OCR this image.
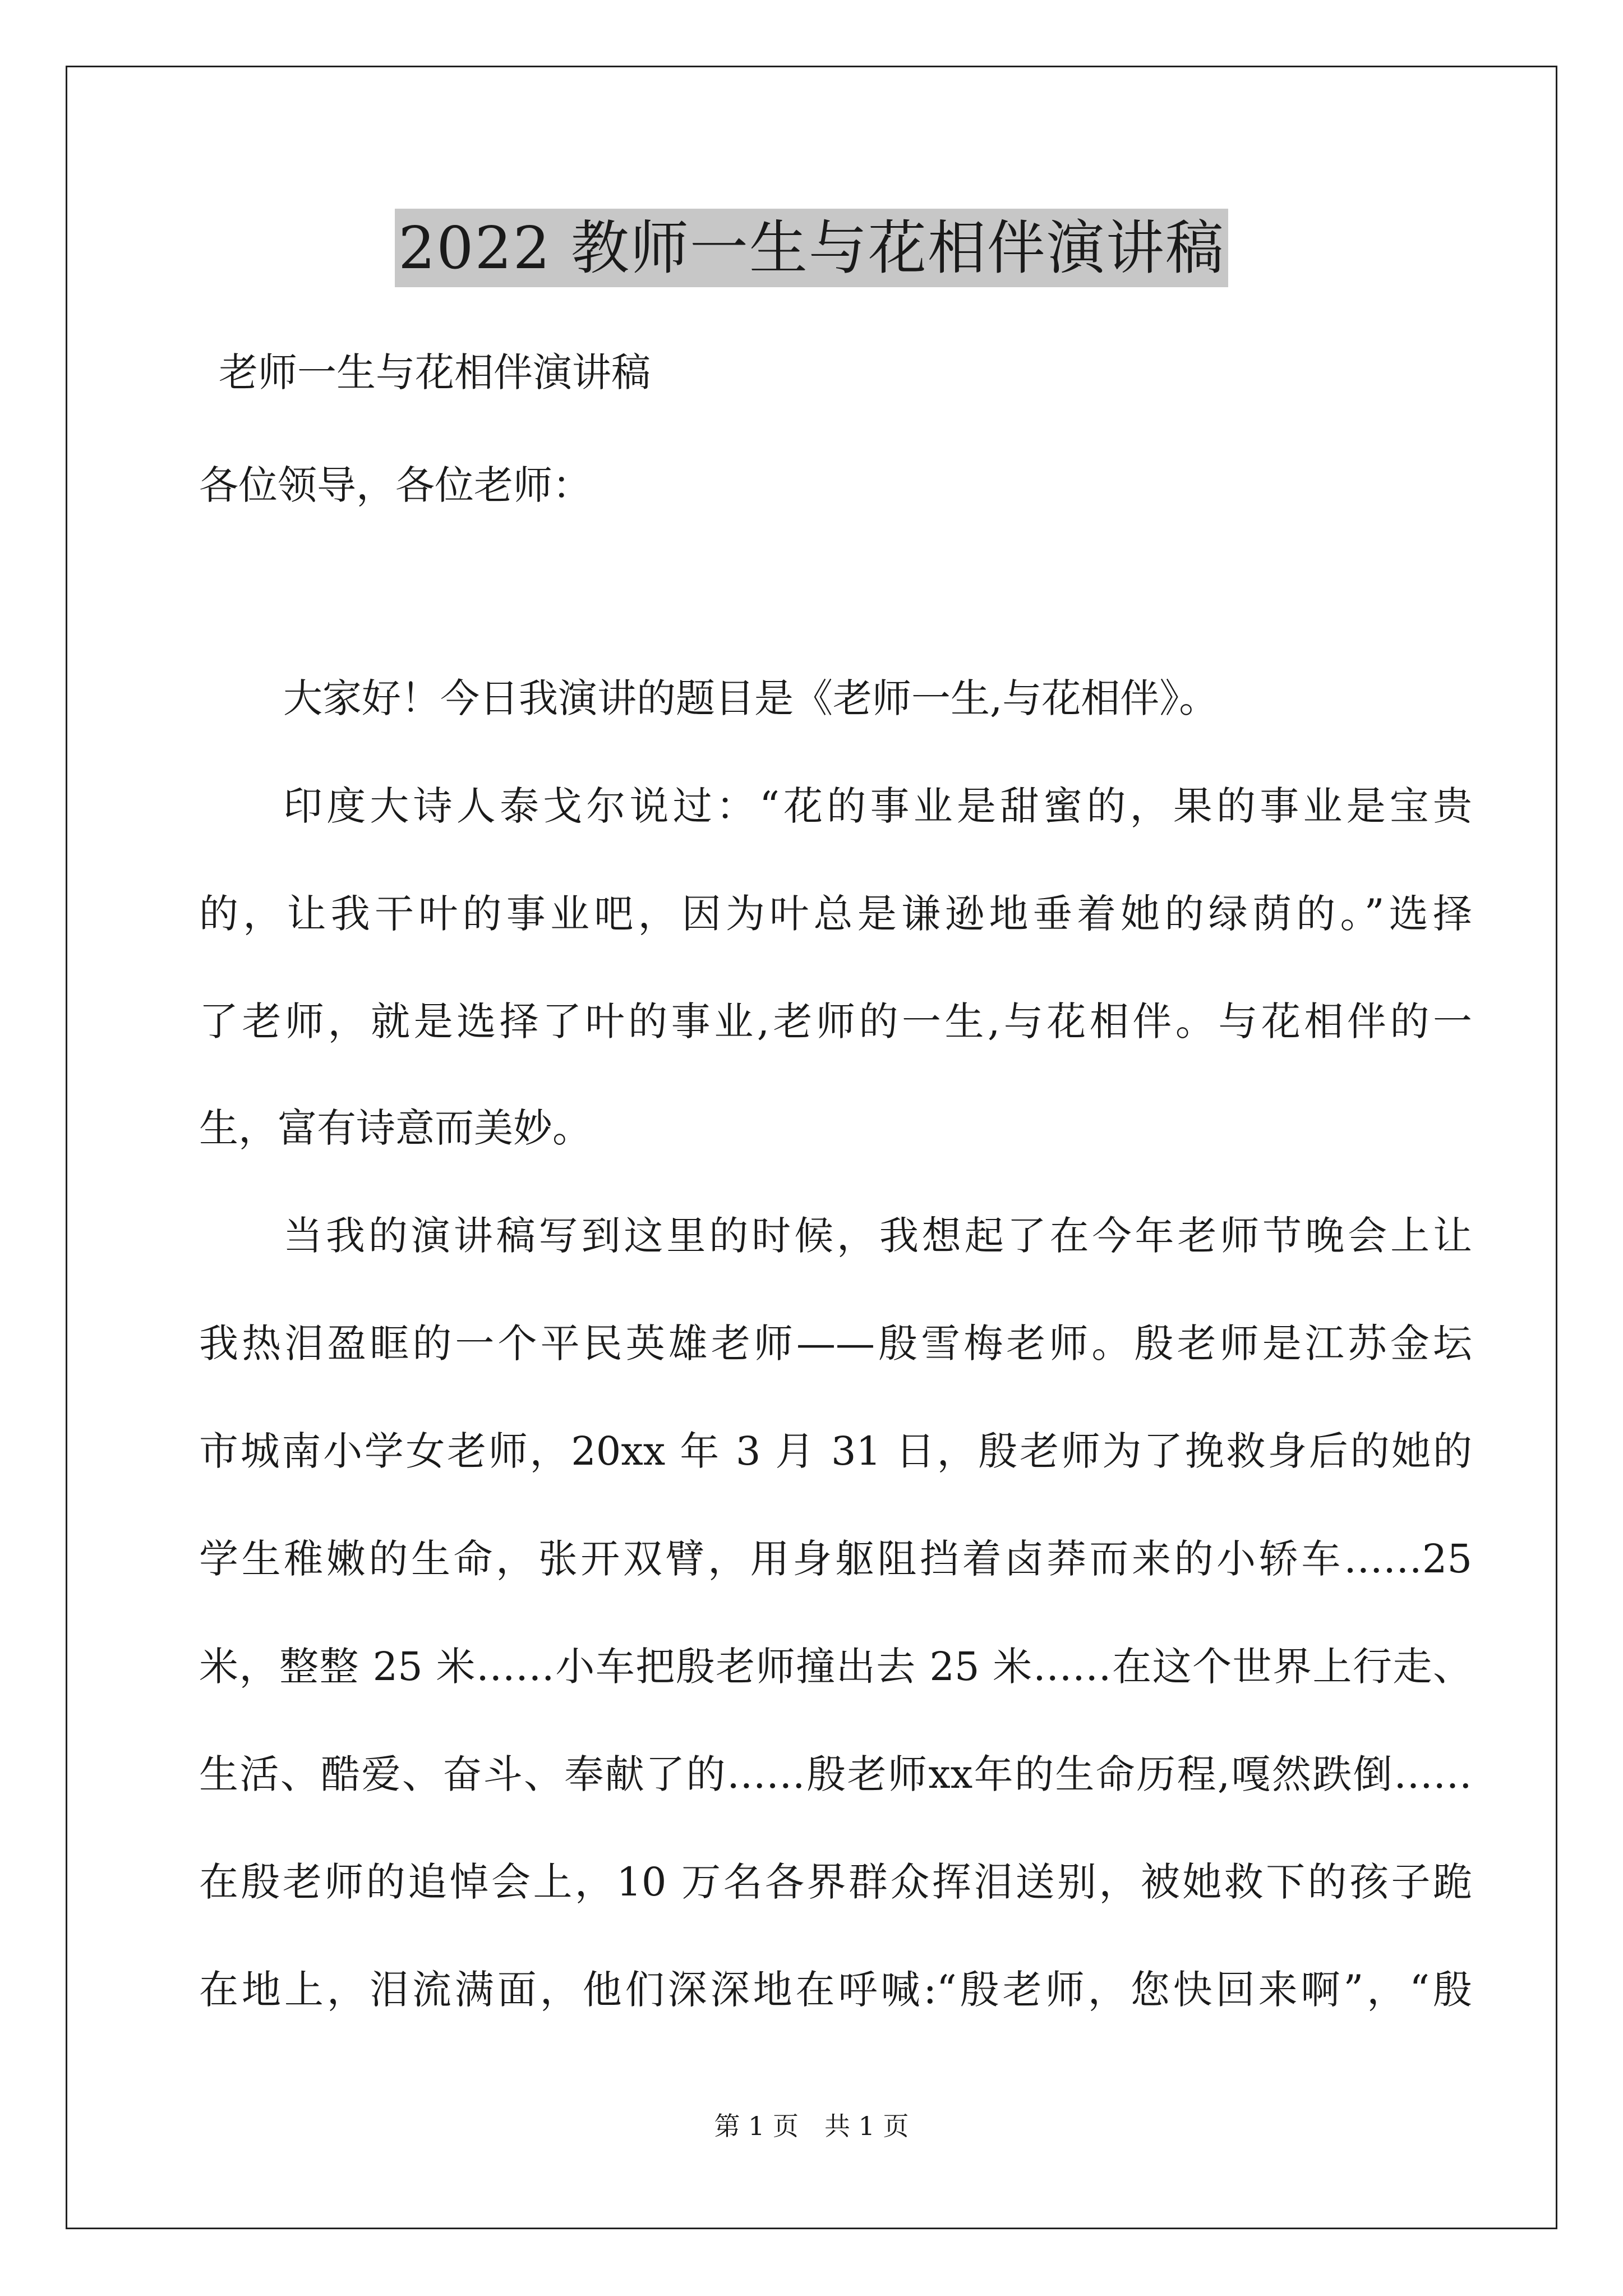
2022 教师一生与花相伴演讲稿
老师一生与花相伴演讲稿
各位领导，各位老师：
大家好！今日我演讲的题目是《老师一生,与花相伴》。
印度大诗人泰戈尔说过：“花的事业是甜蜜的，果的事业是宝贵
的，让我干叶的事业吧，因为叶总是谦逊地垂着她的绿荫的。”选择
了老师，就是选择了叶的事业,老师的一生,与花相伴。与花相伴的一
生，富有诗意而美妙。
当我的演讲稿写到这里的时候，我想起了在今年老师节晚会上让
我热泪盈眶的一个平民英雄老师——殷雪梅老师。殷老师是江苏金坛
市城南小学女老师，20xx 年 3 月 31 日，殷老师为了挽救身后的她的
学生稚嫩的生命，张开双臂，用身躯阻挡着卤莽而来的小轿车……25
米，整整 25 米……小车把殷老师撞出去 25 米……在这个世界上行走、
生活、酷爱、奋斗、奉献了的……殷老师xx年的生命历程,嘎然跌倒……
在殷老师的追悼会上，10 万名各界群众挥泪送别，被她救下的孩子跪
在地上，泪流满面，他们深深地在呼喊:“殷老师，您快回来啊”，“殷
第 1 页　共 1 页
